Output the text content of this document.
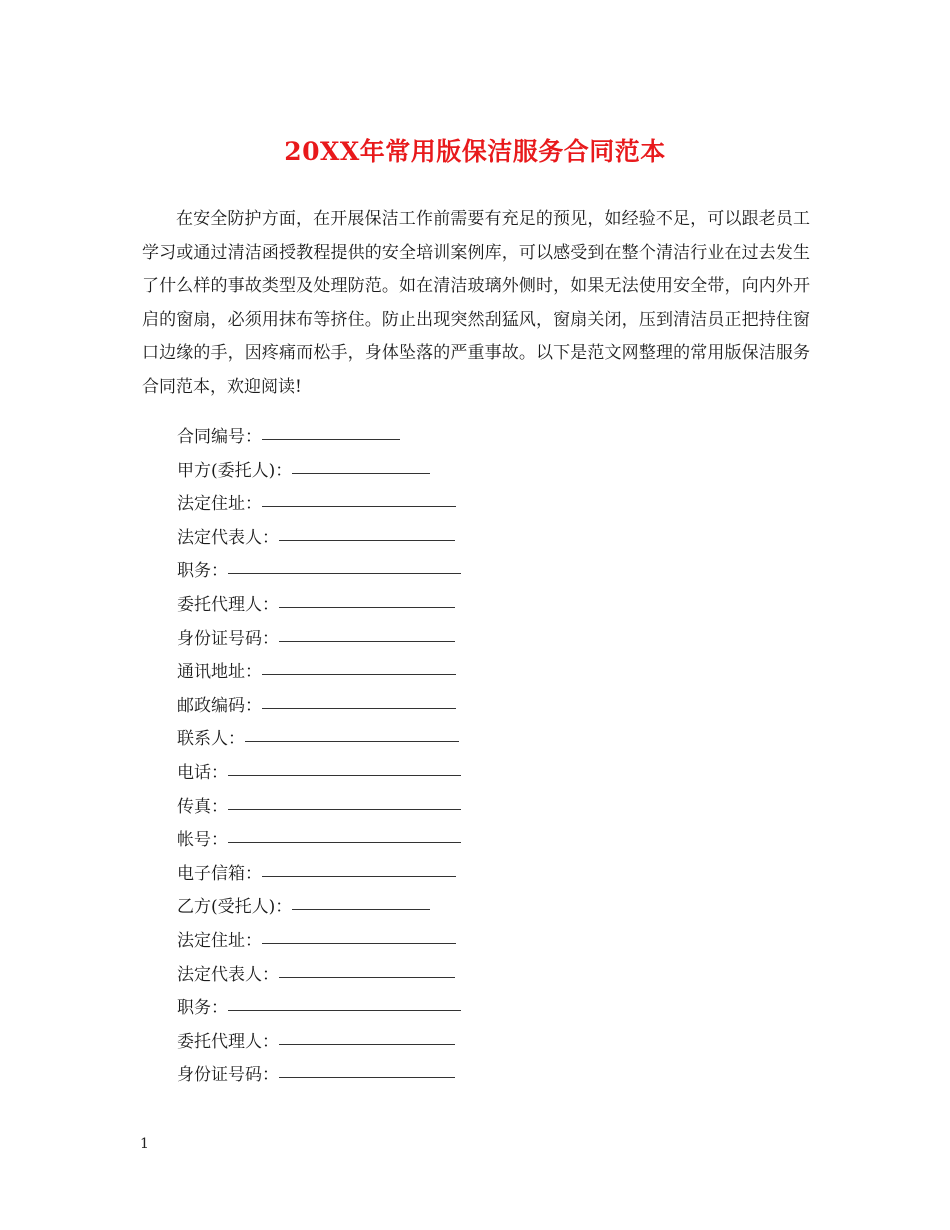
20XX年常用版保洁服务合同范本

在安全防护方面，在开展保洁工作前需要有充足的预见，如经验不足，可以跟老员工学习或通过清洁函授教程提供的安全培训案例库，可以感受到在整个清洁行业在过去发生了什么样的事故类型及处理防范。如在清洁玻璃外侧时，如果无法使用安全带，向内外开启的窗扇，必须用抹布等挤住。防止出现突然刮猛风，窗扇关闭，压到清洁员正把持住窗口边缘的手，因疼痛而松手，身体坠落的严重事故。以下是范文网整理的常用版保洁服务合同范本，欢迎阅读!

合同编号：
甲方(委托人)：
法定住址：
法定代表人：
职务：
委托代理人：
身份证号码：
通讯地址：
邮政编码：
联系人：
电话：
传真：
帐号：
电子信箱：
乙方(受托人)：
法定住址：
法定代表人：
职务：
委托代理人：
身份证号码：
1
